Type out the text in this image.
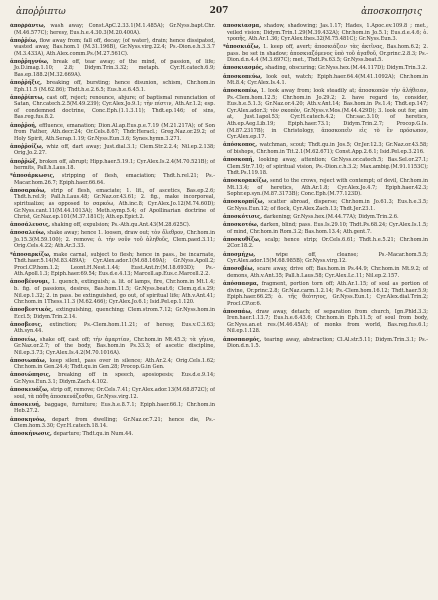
ἀποῤῥιπτω	207	ἀποσκοπησις

ἀποῤῥάντω, wash away; Const.ApC.2.33.1(M.1.485A); Gr.Nyss.bapt.Chr.(M.46.577C); heresy, Eus.h.e.4.30.3(M.20.400A).

ἀποῤῥέω, flow away from; fall off, decay; (of water), drain; hence dissipated, wasted away, Bas.hom.1 (M.31.196B), Gr.Nyss.virg.22.4; Ps.-Dion.e.h.3.3.7 (M.3.433A), Ath.Alex.comm.Ps.(M.27.561C).

ἀποῤῥηγνύω, break off, tear away; of the mind, of passion, of life; Jo.D.imag.1.10; 2.8; Didym.Trin.3.32; metaph. Cyr.H.catech.6.9; Bas.ep.188.2(M.32.669A).

ἀποῤῥήξις, breaking off, bursting; hence disunion, schism, Chr.hom.in Eph.11.5 (M.62.86); Thdt.h.e.2.6.5; Eus.h.e.6.45.1.

ἀποῤῥίπτω, cast off, reject; renounce, abjure; of baptismal renunciation of Satan, Chr.catech.2.5(M.49.239); Cyr.Alex.Jo.9.1; τὴν πίστιν, Ath.Ar.1.2; esp. of condemned doctrine, Conc.Eph.(1.1.3.11); Thdt.ep.146; of sins, Bas.reg.fus.8.2.

ἀποῤῥοή, effluence, emanation; Dion.Al.ap.Eus.p.e.7.19 (M.21.217A); of Son from Father, Ath.decr.24; Or.Cels.8.67; Thdr.Heracl.; Greg.Naz.or.29.2; of Holy Spirit, Ath.Serap.1.19; Gr.Nyss.Eun.3.6; Synes.hymn.3.271.

ἀποῤῥοίζω, whiz off, dart away; Just.dial.3.1; Clem.Str.2.2.4; Nil.ep.2.138; Orig.Jo.2.27.

ἀποῤῥώξ, broken off, abrupt; Hipp.haer.5.19.1; Cyr.Alex.Is.2.4(M.70.521B); of hermits, Pall.h.Laus.18.

*ἀποσάρκωσις, stripping of flesh, emaciation; Thdt.h.rel.21; Ps.-Macar.hom.26.7; Epiph.haer.66.64.

ἀποσαρκόω, strip of flesh, emaciate; 1. lit., of ascetics, Bas.ep.2.6; Thdt.h.rel.9; Pall.h.Laus.48; Gr.Naz.or.43.61; 2. fig., make incorporeal, spiritualize; as opposed to σαρκόω, Ath.inc.8; Cyr.Alex.Jo.12(M.74.60D); Gr.Nyss.cant.11(M.44.1013A); Meth.symp.5.4; of Apollinarian doctrine of Christ, Gr.Naz.ep.101(M.37.181C); Ath.ep.Epict.2.

ἀποσάλευσις, shaking off, expulsion; Ps.-Ath.qu.Ant.43(M.28.625C).

ἀποσαλεύω, shake away; hence 1. loosen, draw out; τὸν ὄλεθρον, Chr.hom.in Jo.15.3(M.59.100); 2. remove; ὁ. τὴν νοῦν τοῦ ἀληθοῦς, Clem.paed.3.11; Orig.Cels.4.22; Ath.Ar.3.33.

*ἀποσαρκίζω, make carnal, subject to flesh; hence in pass., be incarnate, Thdt.haer.5.14(M.83.489A); Cyr.Alex.ador.1(M.68.169A); Gr.Nyss.Apoll.2; Procl.CP.hom.1.2; Leont.H.Nest.1.44; Eust.Ant.fr.(M.18.693D); Ps.-Ath.Apoll.1.3; Epiph.haer.69.54; Eus.d.e.4.13; Marcell.ap.Eus.c.Marcell.2.2.

ἀποσβέννυμι, 1. quench, extinguish; a. lit. of lamps, fire, Chr.hom.in Mt.1.4; b. fig. of passions, desires, Bas.hom.11.5; Gr.Nyss.beat.6; Clem.q.d.s.29; Nil.ep.1.32; 2. in pass. be extinguished, go out, of spiritual life; Ath.v.Ant.41; Chr.hom.in 1Thess.11.3 (M.62.466); Cyr.Alex.Jo.6.1; Isid.Pel.ep.1.120.

ἀποσβεστικός, extinguishing, quenching; Clem.strom.7.12; Gr.Nyss.hom.in Eccl.5; Didym.Trin.2.14.

ἀποσβεσις, extinction; Ps.-Clem.hom.11.21; of heresy, Eus.v.C.3.63; Ath.syn.44.

ἀποσείω, shake off, cast off; τὴν ἁμαρτίαν, Chr.hom.in Mt.45.3; τὰ γήινα, Gr.Naz.or.2.7; of the body, Bas.hom.in Ps.33.3; of ascetic discipline, Nil.ep.3.73; Cyr.Alex.Is.4.2(M.70.1016A).

ἀποσιωπάω, keep silent, pass over in silence; Ath.Ar.2.4; Orig.Cels.1.62; Chr.hom.in Gen.24.4; Thdt.qu.in Gen.28; Procop.G.in Gen.

ἀποσιώπησις, breaking off in speech, aposiopesis; Eus.d.e.9.14; Gr.Nyss.Eun.3.1; Didym.Zach.4.102.

ἀποσκευάζω, strip off, remove; Or.Cels.7.41; Cyr.Alex.ador.13(M.68.872C); of soul, τὰ πάθη ἀποσκευάζεσθαι, Gr.Nyss.virg.12.

ἀποσκευή, baggage, furniture; Eus.h.e.8.7.1; Epiph.haer.66.1; Chr.hom.in Heb.27.2.

ἀποσκηνόω, depart from dwelling; Gr.Naz.or.7.21; hence die, Ps.-Clem.hom.3.30; Cyr.H.catech.18.14.

ἀποσκήνωσις, departure; Thdt.qu.in Num.44.

ἀποσκίασμα, shadow, shadowing; Jas.1.17; Hades, 1.Apoc.ev.109.8 ; met., veiled vision; Didym.Trin.1.29(M.39.432A); Chr.hom.in Jo.5.1; Eus.d.e.4.6; ὁ. τροπῆς, Ath.Ar.1.36; Cyr.Alex.thes.32(M.75.481C); Gr.Nyss.Eun.3.

*ἀποσκιάζω, 1. keep off, avert; ἀποσκιάζειν τὰς ἀκτῖνας, Bas.hom.6.2; 2. pass. be set in shadow; ἀποσκιαζόμενος ὑπὸ τοῦ ἀγαθοῦ, Or.princ.2.8.3; Ps.-Dion.d.n.4.4 (M.3.697C); met., Thdt.Ps.63.5; Gr.Nyss.beat.5.

ἀποσκιασμός, shading, obscuring; Gr.Nyss.hex.(M.44.117D); Didym.Trin.3.2.

ἀποσκοπεύω, look out, watch; Epiph.haer.64.4(M.41.1092A); Chr.hom.in Mt.8.4; Cyr.Alex.Is.4.1.

ἀποσκοπέω, 1. look away from; look steadily at; ἀποσκοπῶν τὴν ἀλήθειαν, Ps.-Clem.hom.12.5; Chr.hom.in Jo.29.2; 2. have regard to, consider, Eus.h.e.5.1.3; Gr.Naz.or.4.20; Ath.v.Ant.14; Bas.hom.in Ps.1.4; Thdt.ep.147; Cyr.Alex.ador.3; τὸν σκοπὸν, Gr.Nyss.v.Mos.(M.44.429D); 3. look out for, aim at, Just.1apol.53; Cyr.H.catech.4.2; Chr.sac.3.10; of heretics, Ath.ep.Aeg.Lib.19; Epiph.haer.73.1; Didym.Trin.2.7; Procop.G.Is.(M.87.2317B); in Christology, ἀποσκοπεῖν εἰς τὸ ἓν πρόσωπον, Cyr.Alex.ep.17.

ἀπόσκοπος, watchman, scout; Thdt.qu.in Jos.5; Or.Jer.12.3; Gr.Naz.or.43.58; of bishops, Chr.hom.in Tit.2.1(M.62.671); Const.App.2.6.1; Isid.Pel.ep.3.216.

ἀποσκοπή, looking away, attention; Gr.Nyss.or.catech.5; Bas.Sel.or.27.1; Clem.Str.7.10; of spiritual vision, Ps.-Dion.c.h.3.2; Max.ambig.(M.91.1153C); Thdt.Ps.119.18.

ἀποσκορακίζω, send to the crows, reject with contempt; of devil, Chr.hom.in Mt.13.4; of heretics, Ath.Ar.1.8; Cyr.Alex.Jo.4.7; Epiph.haer.42.3; Sophr.ep.syn.(M.87.3173B); Conc.Eph.(M.77.123D).

ἀποσκορπίζω, scatter abroad, disperse; Chr.hom.in Jo.61.3; Eus.h.e.3.5; Gr.Nyss.Eun.12; of flock, Cyr.Alex.Zach.13; Thdt.Jer.23.1.

ἀποσκότισις, darkening; Gr.Nyss.hex.(M.44.77A); Didym.Trin.2.6.

ἀποσκοτόω, darken, blind; pass. Eus.Is.29.10; Thdt.Ps.68.24; Cyr.Alex.Is.1.5; of mind, Chr.hom.in Rom.3.2; Bas.hom.13.4; Ath.gent.7.

ἀποσκυθίζω, scalp; hence strip; Or.Cels.6.61; Thdt.h.e.5.21; Chr.hom.in 2Cor.18.2.

ἀποσμήχω,	wipe off, cleanse; Ps.-Macar.hom.5.5; Cyr.Alex.ador.15(M.68.985B); Gr.Nyss.virg.12.

ἀποσοβέω, scare away, drive off; Bas.hom.in Ps.44.9; Chr.hom.in Mt.9.2; of demons, Ath.v.Ant.35; Pall.h.Laus.58; Cyr.Alex.Lc.11; Nil.ep.2.157.

ἀπόσπασμα, fragment, portion torn off; Ath.Ar.1.15; of soul as portion of divine, Or.princ.2.8; Gr.Naz.carm.1.2.14; Ps.-Clem.hom.16.12; Thdt.haer.5.9; Epiph.haer.66.25; ὁ. τῆς θεότητος, Gr.Nyss.Eun.1; Cyr.Alex.dial.Trin.2; Procl.CP.or.6.

ἀποσπάω, draw away, detach; of separation from church, Ign.Phld.3.3; Iren.haer.1.13.7; Eus.h.e.6.43.6; Chr.hom.in Eph.11.5; of soul from body, Gr.Nyss.an.et res.(M.46.45A); of monks from world, Bas.reg.fus.6.1; Nil.ep.1.128.

ἀποσπασμός, tearing away, abstraction; Cl.Al.str.5.11; Didym.Trin.3.1; Ps.-Dion.d.n.1.5.
